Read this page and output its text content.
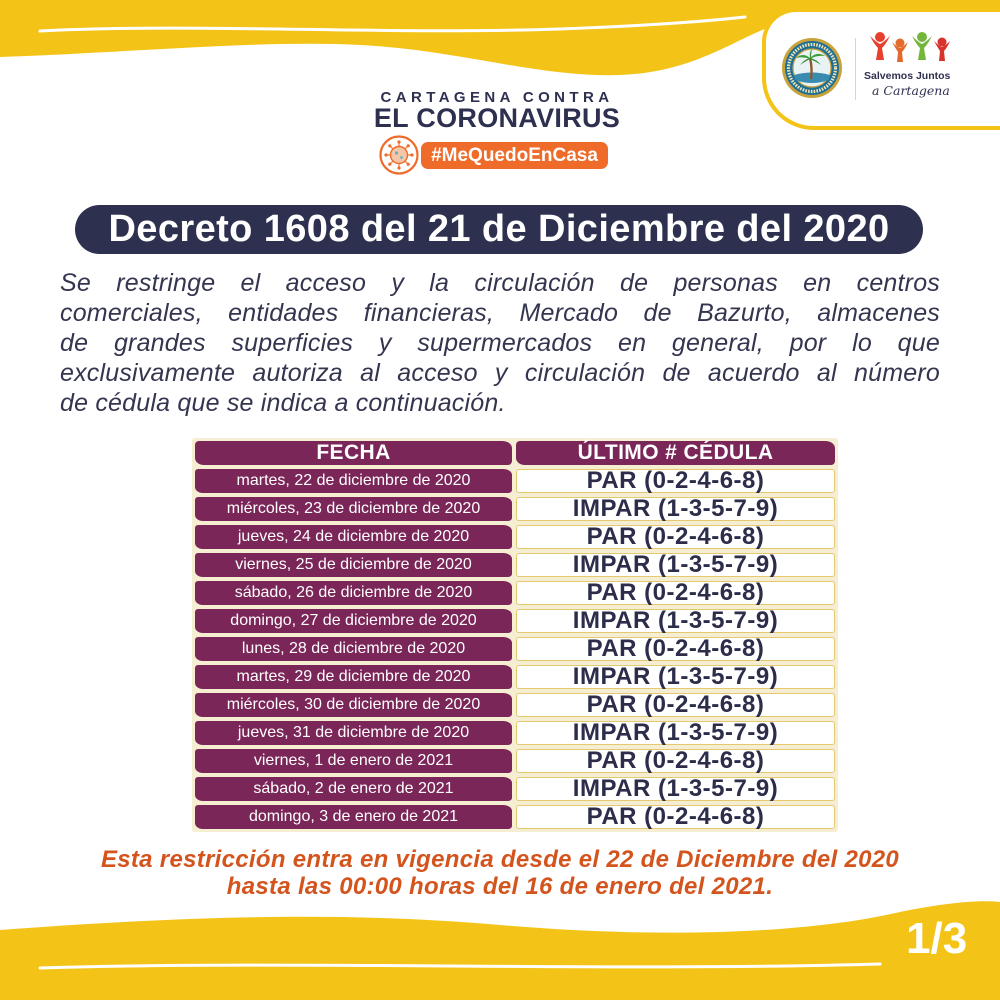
Salvemos Juntos
a Cartagena
CARTAGENA CONTRA
EL CORONAVIRUS
#MeQuedoEnCasa
Decreto 1608 del 21 de Diciembre del 2020
Se restringe el acceso y la circulación de personas en centros
comerciales, entidades financieras, Mercado de Bazurto, almacenes
de grandes superficies y supermercados en general, por lo que
exclusivamente autoriza al acceso y circulación de acuerdo al número
de cédula que se indica a continuación.
FECHA	ÚLTIMO # CÉDULA
martes, 22 de diciembre de 2020	PAR (0-2-4-6-8)
miércoles, 23 de diciembre de 2020	IMPAR (1-3-5-7-9)
jueves, 24 de diciembre de 2020	PAR (0-2-4-6-8)
viernes, 25 de diciembre de 2020	IMPAR (1-3-5-7-9)
sábado, 26 de diciembre de 2020	PAR (0-2-4-6-8)
domingo, 27 de diciembre de 2020	IMPAR (1-3-5-7-9)
lunes, 28 de diciembre de 2020	PAR (0-2-4-6-8)
martes, 29 de diciembre de 2020	IMPAR (1-3-5-7-9)
miércoles, 30 de diciembre de 2020	PAR (0-2-4-6-8)
jueves, 31 de diciembre de 2020	IMPAR (1-3-5-7-9)
viernes, 1 de enero de 2021	PAR (0-2-4-6-8)
sábado, 2 de enero de 2021	IMPAR (1-3-5-7-9)
domingo, 3 de enero de 2021	PAR (0-2-4-6-8)
Esta restricción entra en vigencia desde el 22 de Diciembre del 2020
hasta las 00:00 horas del 16 de enero del 2021.
1/3
